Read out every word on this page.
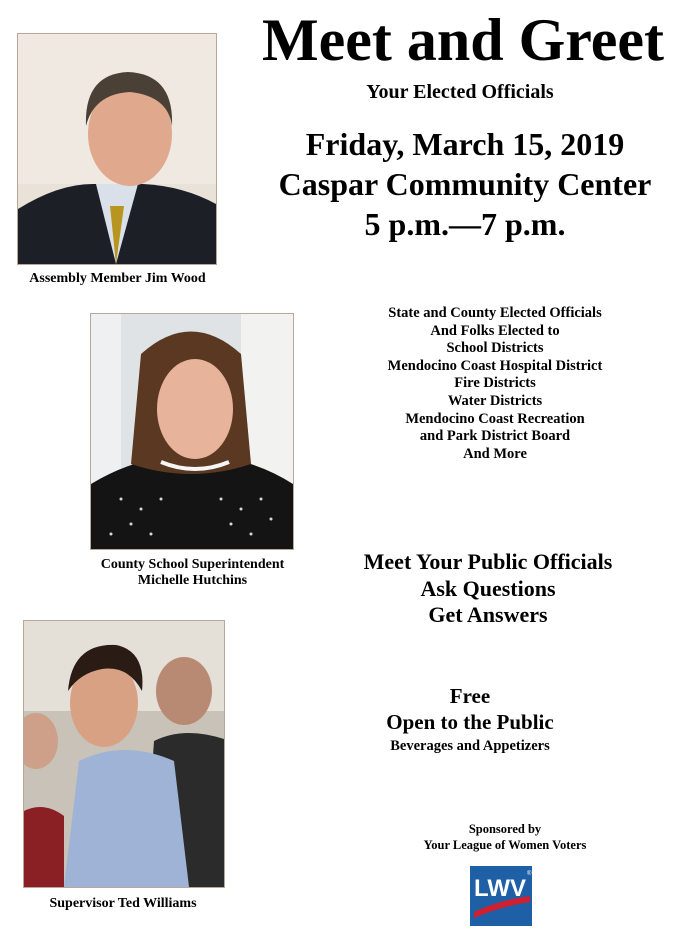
Assembly Member Jim Wood
County School Superintendent
Michelle Hutchins
Supervisor Ted Williams
Meet and Greet
Your Elected Officials
Friday, March 15, 2019
Caspar Community Center
5 p.m.—7 p.m.
State and County Elected Officials
And Folks Elected to
School Districts
Mendocino Coast Hospital District
Fire Districts
Water Districts
Mendocino Coast Recreation
and Park District Board
And More
Meet Your Public Officials
Ask Questions
Get Answers
Free
Open to the Public
Beverages and Appetizers
Sponsored by
Your League of Women Voters
LWV
®
